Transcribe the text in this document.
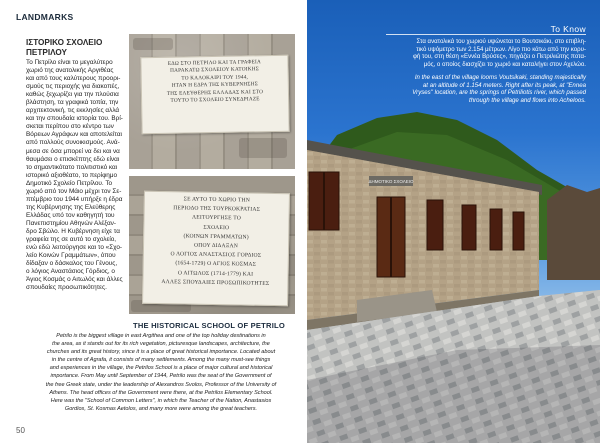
LANDMARKS
ΙΣΤΟΡΙΚΟ ΣΧΟΛΕΙΟ
ΠΕΤΡΙΛΟΥ
Το Πετρίλο είναι το μεγαλύτερο
χωριό της ανατολικής Αργιθέας
και από τους καλύτερους προορι-
σμούς τις περιοχής για διακοπές,
καθώς ξεχωρίζει για την πλούσια
βλάστηση, τα γραφικά τοπία, την
αρχιτεκτονική, τις εκκλησίες αλλά
και την σπουδαία ιστορία του. Βρί-
σκεται περίπου στο κέντρο των
Βόρειων Αγράφων και αποτελείται
από πολλούς συνοικισμούς. Ανά-
μεσα σε όσα μπορεί να δει και να
θαυμάσει ο επισκέπτης εδώ είναι
το σημαντικότατο πολιτιστικό και
ιστορικό αξιοθέατο, το περίφημο
Δημοτικό Σχολείο Πετρίλου. Το
χωριό από τον Μάιο μέχρι τον Σε-
πτέμβριο του 1944 υπήρξε η έδρα
της Κυβέρνησης της Ελεύθερης
Ελλάδας υπό τον καθηγητή του
Πανεπιστημίου Αθηνών Αλέξαν-
δρο Σβώλο. Η Κυβέρνηση είχε τα
γραφεία της σε αυτό το σχολείο,
ενώ εδώ λειτούργησε και το «Σχο-
λείο Κοινών Γραμμάτων», όπου
δίδαξαν ο δάσκαλος του Γένους,
ο λόγιος Αναστάσιος Γόρδιος, ο
Άγιος Κοσμάς ο Αιτωλός και άλλες
σπουδαίες προσωπικότητες.
ΕΔΩ ΣΤΟ ΠΕΤΡΙΛΟ ΚΑΙ ΤΑ ΓΡΑΦΕΙΑ
ΠΑΡΑΚΑΤΩ ΣΧΟΛΕΙΟΥ ΚΑΤΟΙΚΗΣ
ΤΟ ΚΑΛΟΚΑΙΡΙ ΤΟΥ 1944,
ΗΤΑΝ Η ΕΔΡΑ ΤΗΣ ΚΥΒΕΡΝΗΣΗΣ
ΤΗΣ ΕΛΕΥΘΕΡΗΣ ΕΛΛΑΔΑΣ ΚΑΙ ΣΤΟ
ΤΟΥΤΟ ΤΟ ΣΧΟΛΕΙΟ ΣΥΝΕΔΡΙΑΖΕ
ΣΕ ΑΥΤΟ ΤΟ ΧΩΡΙΟ ΤΗΝ
ΠΕΡΙΟΔΟ ΤΗΣ ΤΟΥΡΚΟΚΡΑΤΙΑΣ
ΛΕΙΤΟΥΡΓΗΣΕ ΤΟ
ΣΧΟΛΕΙΟ
(ΚΟΙΝΩΝ ΓΡΑΜΜΑΤΩΝ)
ΟΠΟΥ ΔΙΔΑΞΑΝ
Ο ΛΟΓΙΟΣ ΑΝΑΣΤΑΣΙΟΣ ΓΟΡΔΙΟΣ
(1654-1729) Ο ΑΓΙΟΣ ΚΟΣΜΑΣ
Ο ΑΙΤΩΛΟΣ (1714-1779) ΚΑΙ
ΑΛΛΕΣ ΣΠΟΥΔΑΙΕΣ ΠΡΟΣΩΠΙΚΟΤΗΤΕΣ
THE HISTORICAL SCHOOL OF PETRILO
Petrilo is the biggest village in east Argithea and one of the top holiday destinations in
the area, as it stands out for its rich vegetation, picturesque landscapes, architecture, the
churches and its great history, since it is a place of great historical importance. Located about
in the centre of Agrafa, it consists of many settlements. Among the many must-see things
and experiences in the village, the Petrilos School is a place of major cultural and historical
importance. From May until September of 1944, Petrilo was the seat of the Government of
the free Greek state, under the leadership of Alexandros Svolos, Professor of the University of
Athens. The head offices of the Government were there, at the Petrilos Elementary School.
Here was the "School of Common Letters", in which the Teacher of the Nation, Anastasios
Gordios, St. Kosmas Aetolos, and many more were among the great teachers.
50
ΔΗΜΟΤΙΚΟ ΣΧΟΛΕΙΟ
To Know
Στα ανατολικά του χωριού υψώνεται το Βουτσικάκι, στο επιβλη-
τικό υψόμετρο των 2.154 μέτρων. Λίγο πιο κάτω από την κορυ-
φή του, στη θέση «Εννέα Βρύσες», πηγάζει ο Πετριλιώτης ποτα-
μός, ο οποίος διασχίζει το χωριό και καταλήγει στον Αχελώο.
In the east of the village looms Voutsikaki, standing majestically
at an altitude of 1.154 meters. Right after its peak, at "Ennea
Vryses" location, are the springs of Petriliotis river, which passed
through the village and flows into Acheloos.
